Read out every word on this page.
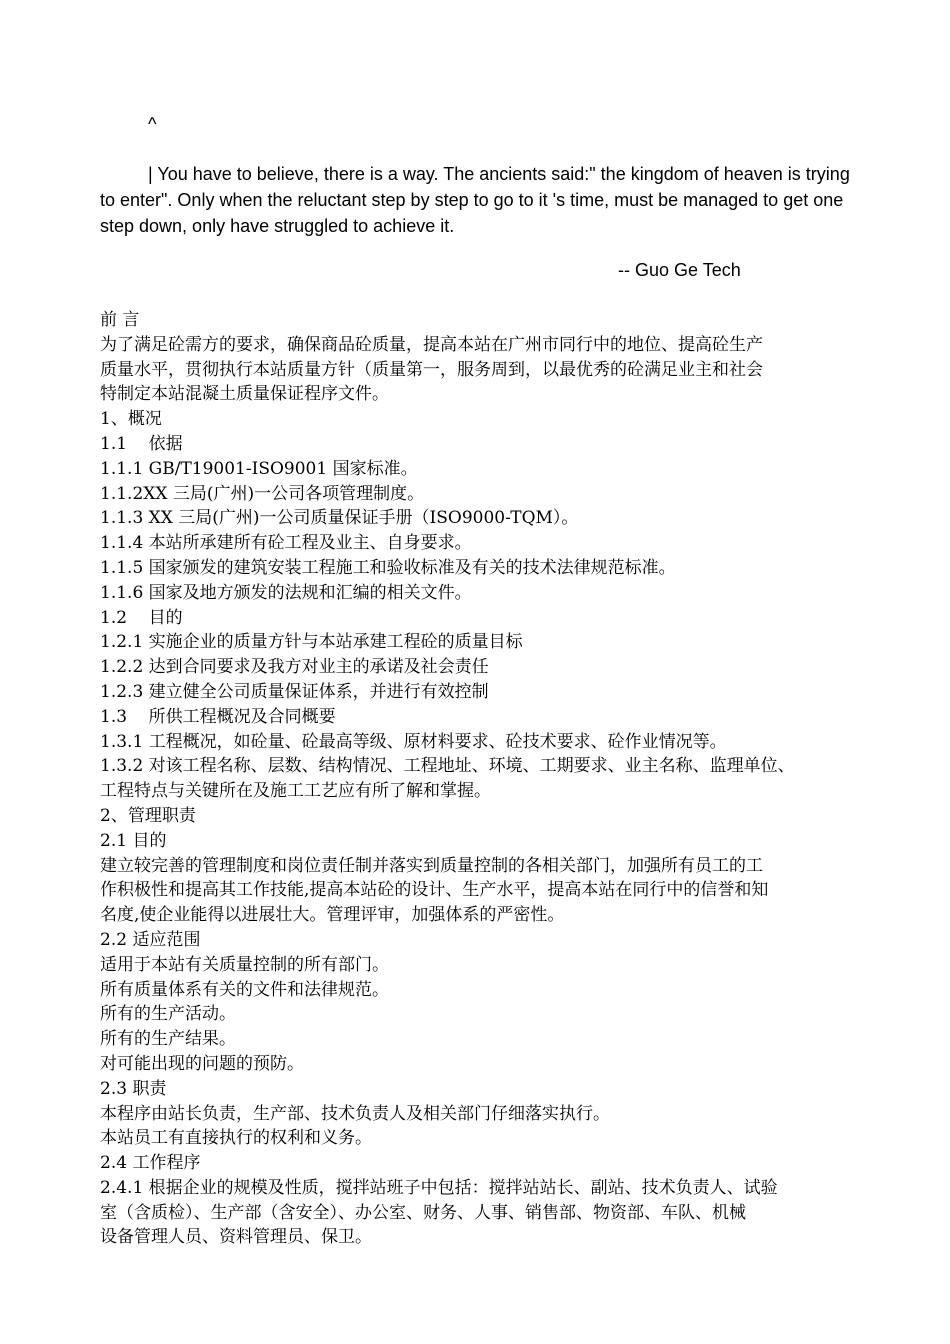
^
| You have to believe, there is a way. The ancients said:" the kingdom of heaven is trying to enter". Only when the reluctant step by step to go to it 's time, must be managed to get one step down, only have struggled to achieve it.
-- Guo Ge Tech
前 言
为了满足砼需方的要求，确保商品砼质量，提高本站在广州市同行中的地位、提高砼生产
质量水平，贯彻执行本站质量方针（质量第一，服务周到，以最优秀的砼满足业主和社会
特制定本站混凝土质量保证程序文件。
1、概况
1.1    依据
1.1.1 GB/T19001-ISO9001 国家标准。
1.1.2XX 三局(广州)一公司各项管理制度。
1.1.3 XX 三局(广州)一公司质量保证手册（ISO9000-TQM）。
1.1.4 本站所承建所有砼工程及业主、自身要求。
1.1.5 国家颁发的建筑安装工程施工和验收标准及有关的技术法律规范标准。
1.1.6 国家及地方颁发的法规和汇编的相关文件。
1.2    目的
1.2.1 实施企业的质量方针与本站承建工程砼的质量目标
1.2.2 达到合同要求及我方对业主的承诺及社会责任
1.2.3 建立健全公司质量保证体系，并进行有效控制
1.3    所供工程概况及合同概要
1.3.1 工程概况，如砼量、砼最高等级、原材料要求、砼技术要求、砼作业情况等。
1.3.2 对该工程名称、层数、结构情况、工程地址、环境、工期要求、业主名称、监理单位、
工程特点与关键所在及施工工艺应有所了解和掌握。
2、管理职责
2.1 目的
建立较完善的管理制度和岗位责任制并落实到质量控制的各相关部门，加强所有员工的工
作积极性和提高其工作技能,提高本站砼的设计、生产水平，提高本站在同行中的信誉和知
名度,使企业能得以进展壮大。管理评审，加强体系的严密性。
2.2 适应范围
适用于本站有关质量控制的所有部门。
所有质量体系有关的文件和法律规范。
所有的生产活动。
所有的生产结果。
对可能出现的问题的预防。
2.3 职责
本程序由站长负责，生产部、技术负责人及相关部门仔细落实执行。
本站员工有直接执行的权利和义务。
2.4 工作程序
2.4.1 根据企业的规模及性质，搅拌站班子中包括：搅拌站站长、副站、技术负责人、试验
室（含质检）、生产部（含安全）、办公室、财务、人事、销售部、物资部、车队、机械
设备管理人员、资料管理员、保卫。
